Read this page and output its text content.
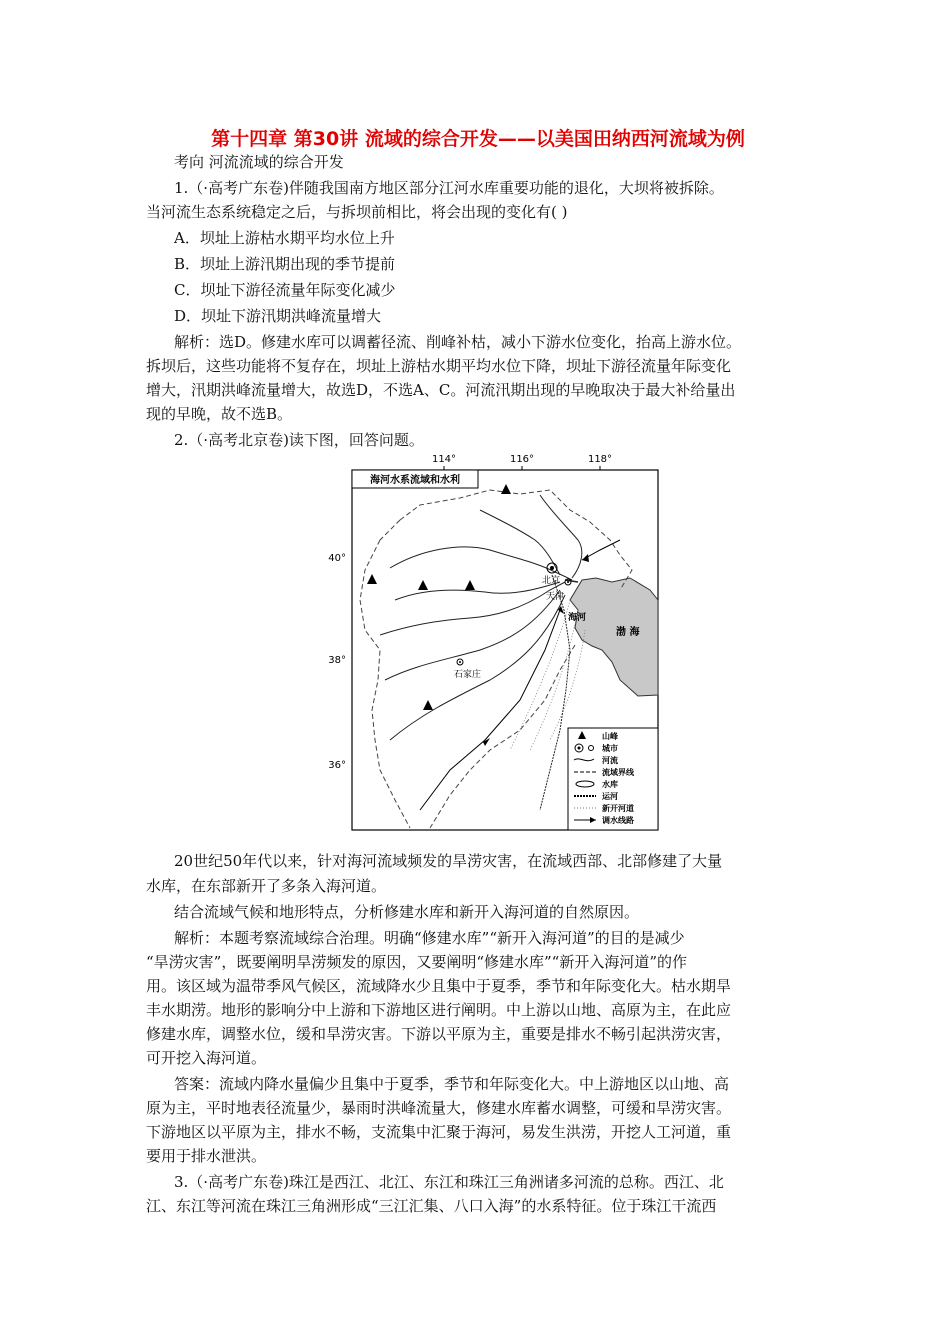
第十四章 第30讲 流域的综合开发——以美国田纳西河流域为例
考向 河流流域的综合开发
1.（·高考广东卷)伴随我国南方地区部分江河水库重要功能的退化，大坝将被拆除。
当河流生态系统稳定之后，与拆坝前相比，将会出现的变化有( )
A．坝址上游枯水期平均水位上升
B．坝址上游汛期出现的季节提前
C．坝址下游径流量年际变化减少
D．坝址下游汛期洪峰流量增大
解析：选D。修建水库可以调蓄径流、削峰补枯，减小下游水位变化，抬高上游水位。
拆坝后，这些功能将不复存在，坝址上游枯水期平均水位下降，坝址下游径流量年际变化
增大，汛期洪峰流量增大，故选D，不选A、C。河流汛期出现的早晚取决于最大补给量出
现的早晚，故不选B。
2.（·高考北京卷)读下图，回答问题。
114°	116°	118°
40°
38°
36°
海河水系流域和水利
渤 海
北京
天津
石家庄
海河
山峰
城市
河流
流域界线
水库
运河
新开河道
调水线路
20世纪50年代以来，针对海河流域频发的旱涝灾害，在流域西部、北部修建了大量
水库，在东部新开了多条入海河道。
结合流域气候和地形特点，分析修建水库和新开入海河道的自然原因。
解析：本题考察流域综合治理。明确“修建水库”“新开入海河道”的目的是减少
“旱涝灾害”，既要阐明旱涝频发的原因，又要阐明“修建水库”“新开入海河道”的作
用。该区域为温带季风气候区，流域降水少且集中于夏季，季节和年际变化大。枯水期旱
丰水期涝。地形的影响分中上游和下游地区进行阐明。中上游以山地、高原为主，在此应
修建水库，调整水位，缓和旱涝灾害。下游以平原为主，重要是排水不畅引起洪涝灾害，
可开挖入海河道。
答案：流域内降水量偏少且集中于夏季，季节和年际变化大。中上游地区以山地、高
原为主，平时地表径流量少，暴雨时洪峰流量大，修建水库蓄水调整，可缓和旱涝灾害。
下游地区以平原为主，排水不畅，支流集中汇聚于海河，易发生洪涝，开挖人工河道，重
要用于排水泄洪。
3.（·高考广东卷)珠江是西江、北江、东江和珠江三角洲诸多河流的总称。西江、北
江、东江等河流在珠江三角洲形成“三江汇集、八口入海”的水系特征。位于珠江干流西
